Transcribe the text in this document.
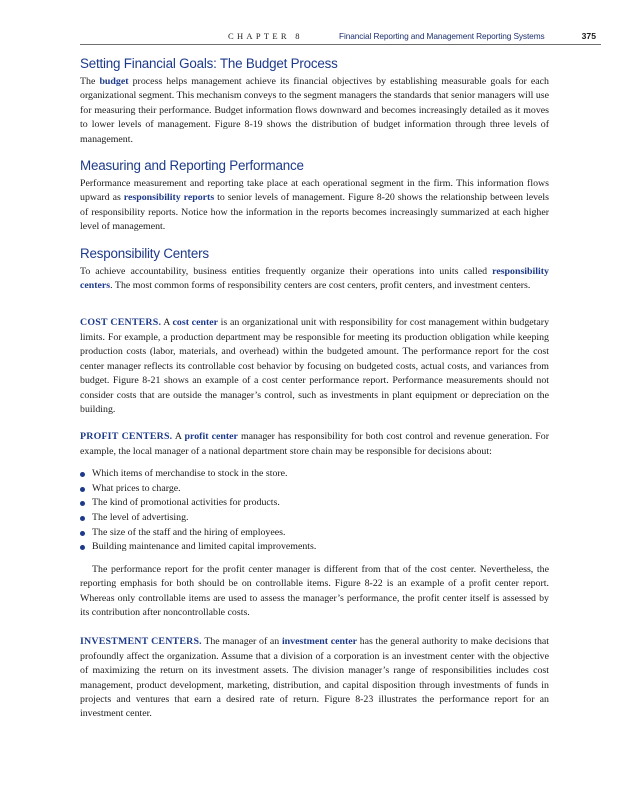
CHAPTER 8	Financial Reporting and Management Reporting Systems	375
Setting Financial Goals: The Budget Process

The budget process helps management achieve its financial objectives by establishing measurable goals for each organizational segment. This mechanism conveys to the segment managers the standards that senior managers will use for measuring their performance. Budget information flows downward and becomes increasingly detailed as it moves to lower levels of management. Figure 8-19 shows the distribution of budget information through three levels of management.

Measuring and Reporting Performance

Performance measurement and reporting take place at each operational segment in the firm. This information flows upward as responsibility reports to senior levels of management. Figure 8-20 shows the relationship between levels of responsibility reports. Notice how the information in the reports becomes increasingly summarized at each higher level of management.

Responsibility Centers

To achieve accountability, business entities frequently organize their operations into units called responsibility centers. The most common forms of responsibility centers are cost centers, profit centers, and investment centers.

COST CENTERS. A cost center is an organizational unit with responsibility for cost management within budgetary limits. For example, a production department may be responsible for meeting its production obligation while keeping production costs (labor, materials, and overhead) within the budgeted amount. The performance report for the cost center manager reflects its controllable cost behavior by focusing on budgeted costs, actual costs, and variances from budget. Figure 8-21 shows an example of a cost center performance report. Performance measurements should not consider costs that are outside the manager’s control, such as investments in plant equipment or depreciation on the building.

PROFIT CENTERS. A profit center manager has responsibility for both cost control and revenue generation. For example, the local manager of a national department store chain may be responsible for decisions about:

Which items of merchandise to stock in the store.
What prices to charge.
The kind of promotional activities for products.
The level of advertising.
The size of the staff and the hiring of employees.
Building maintenance and limited capital improvements.

The performance report for the profit center manager is different from that of the cost center. Nevertheless, the reporting emphasis for both should be on controllable items. Figure 8-22 is an example of a profit center report. Whereas only controllable items are used to assess the manager’s performance, the profit center itself is assessed by its contribution after noncontrollable costs.

INVESTMENT CENTERS. The manager of an investment center has the general authority to make decisions that profoundly affect the organization. Assume that a division of a corporation is an investment center with the objective of maximizing the return on its investment assets. The division manager’s range of responsibilities includes cost management, product development, marketing, distribution, and capital disposition through investments of funds in projects and ventures that earn a desired rate of return. Figure 8-23 illustrates the performance report for an investment center.
